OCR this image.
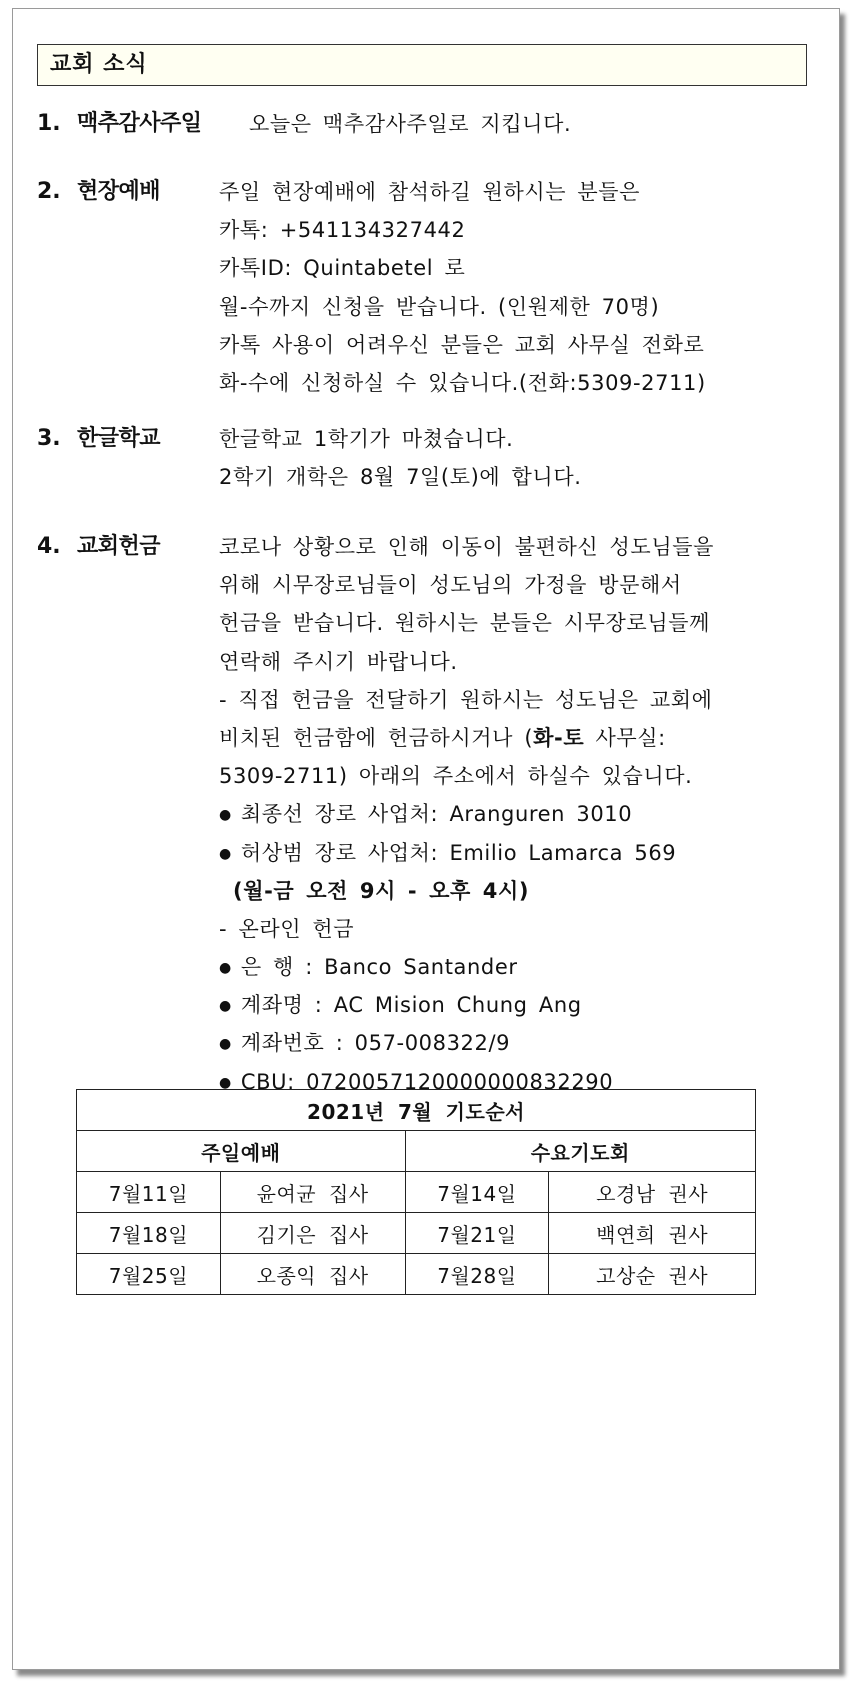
교회 소식
1. 맥추감사주일 오늘은 맥추감사주일로 지킵니다.
2. 현장예배	주일 현장예배에 참석하길 원하시는 분들은
카톡: +541134327442
카톡ID: Quintabetel 로
월-수까지 신청을 받습니다. (인원제한 70명)
카톡 사용이 어려우신 분들은 교회 사무실 전화로
화-수에 신청하실 수 있습니다.(전화:5309-2711)
3. 한글학교	한글학교 1학기가 마쳤습니다.
2학기 개학은 8월 7일(토)에 합니다.
4. 교회헌금	코로나 상황으로 인해 이동이 불편하신 성도님들을
위해 시무장로님들이 성도님의 가정을 방문해서
헌금을 받습니다. 원하시는 분들은 시무장로님들께
연락해 주시기 바랍니다.
- 직접 헌금을 전달하기 원하시는 성도님은 교회에
비치된 헌금함에 헌금하시거나 (화-토 사무실:
5309-2711) 아래의 주소에서 하실수 있습니다.
● 최종선 장로 사업처: Aranguren 3010
● 허상범 장로 사업처: Emilio Lamarca 569
(월-금 오전 9시 - 오후 4시)
- 온라인 헌금
● 은 행 : Banco Santander
● 계좌명 : AC Mision Chung Ang
● 계좌번호 : 057-008322/9
● CBU: 0720057120000000832290
2021년 7월 기도순서			
주일예배		수요기도회	
7월11일	윤여균 집사	7월14일	오경남 권사
7월18일	김기은 집사	7월21일	백연희 권사
7월25일	오종익 집사	7월28일	고상순 권사
